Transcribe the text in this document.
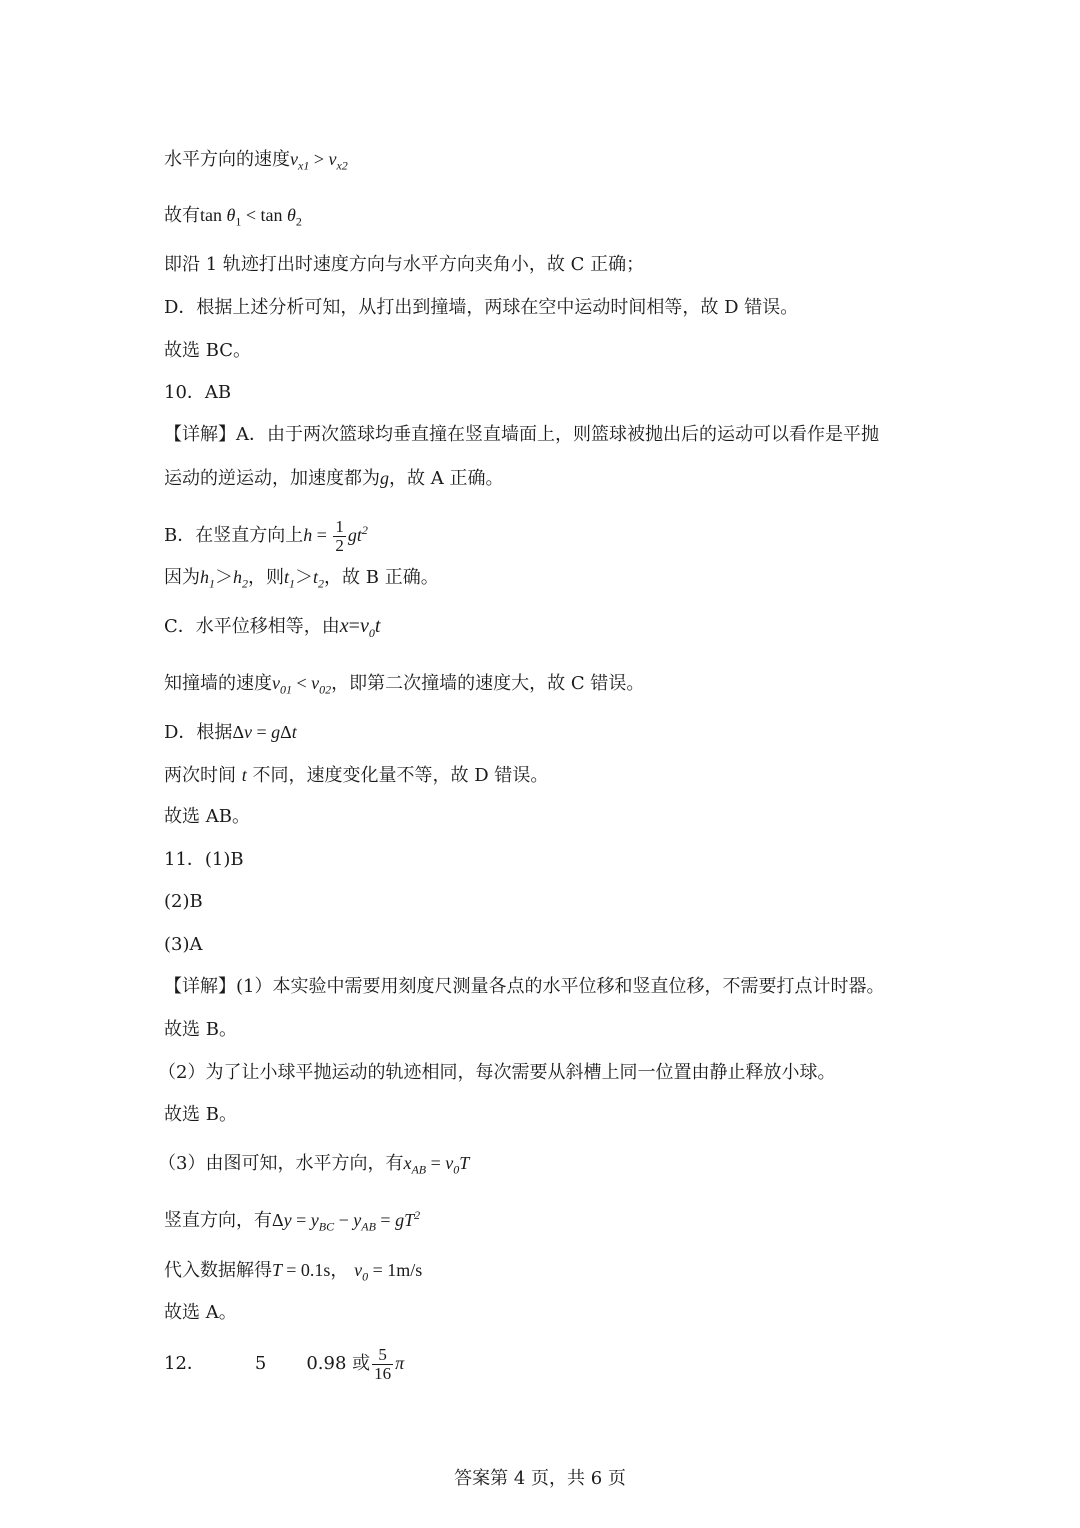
水平方向的速度$v_{x1} > v_{x2}$
故有$\tan \theta_1 < \tan \theta_2$
即沿 1 轨迹打出时速度方向与水平方向夹角小，故 C 正确；
D．根据上述分析可知，从打出到撞墙，两球在空中运动时间相等，故 D 错误。
故选 BC。
10．AB
【详解】A．由于两次篮球均垂直撞在竖直墙面上，则篮球被抛出后的运动可以看作是平抛
运动的逆运动，加速度都为g，故 A 正确。
B．在竖直方向上$h = \frac{1}{2} gt^2$
因为$h_1>h_2$，则$t_1>t_2$，故 B 正确。
C．水平位移相等，由$x=v_0t$
知撞墙的速度$v_{01} < v_{02}$，即第二次撞墙的速度大，故 C 错误。
D．根据Δv = gΔt
两次时间 t 不同，速度变化量不等，故 D 错误。
故选 AB。
11．(1)B
(2)B
(3)A
【详解】(1）本实验中需要用刻度尺测量各点的水平位移和竖直位移，不需要打点计时器。
故选 B。
（2）为了让小球平抛运动的轨迹相同，每次需要从斜槽上同一位置由静止释放小球。
故选 B。
（3）由图可知，水平方向，有$x_{AB} = v_0T$
竖直方向，有$\Delta y = y_{BC} - y_{AB} = gT^2$
代入数据解得T = 0.1s， $v_0 = 1m/s$
故选 A。
12．	5 0.98 或 $\frac{5}{16}$ π
答案第 4 页，共 6 页
